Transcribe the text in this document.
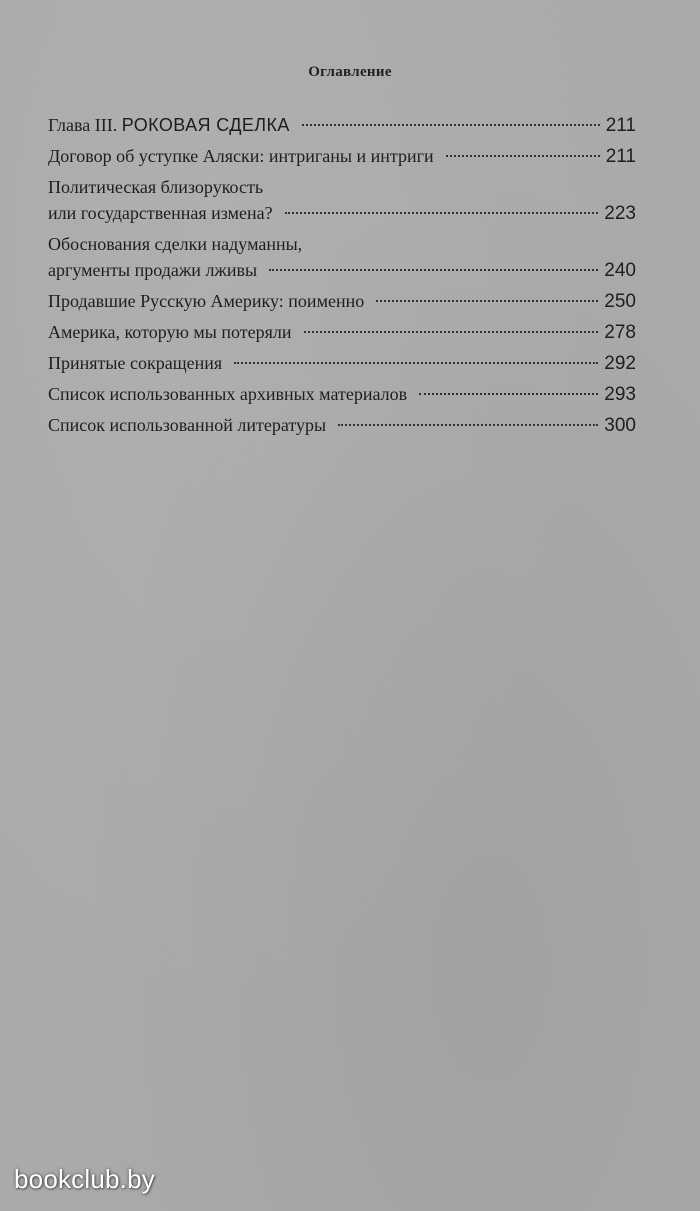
Оглавление
Глава III. РОКОВАЯ СДЕЛКА	211
Договор об уступке Аляски: интриганы и интриги	211
Политическая близорукость
или государственная измена?	223
Обоснования сделки надуманны,
аргументы продажи лживы	240
Продавшие Русскую Америку: поименно	250
Америка, которую мы потеряли	278
Принятые сокращения	292
Список использованных архивных материалов	293
Список использованной литературы	300
bookclub.by
